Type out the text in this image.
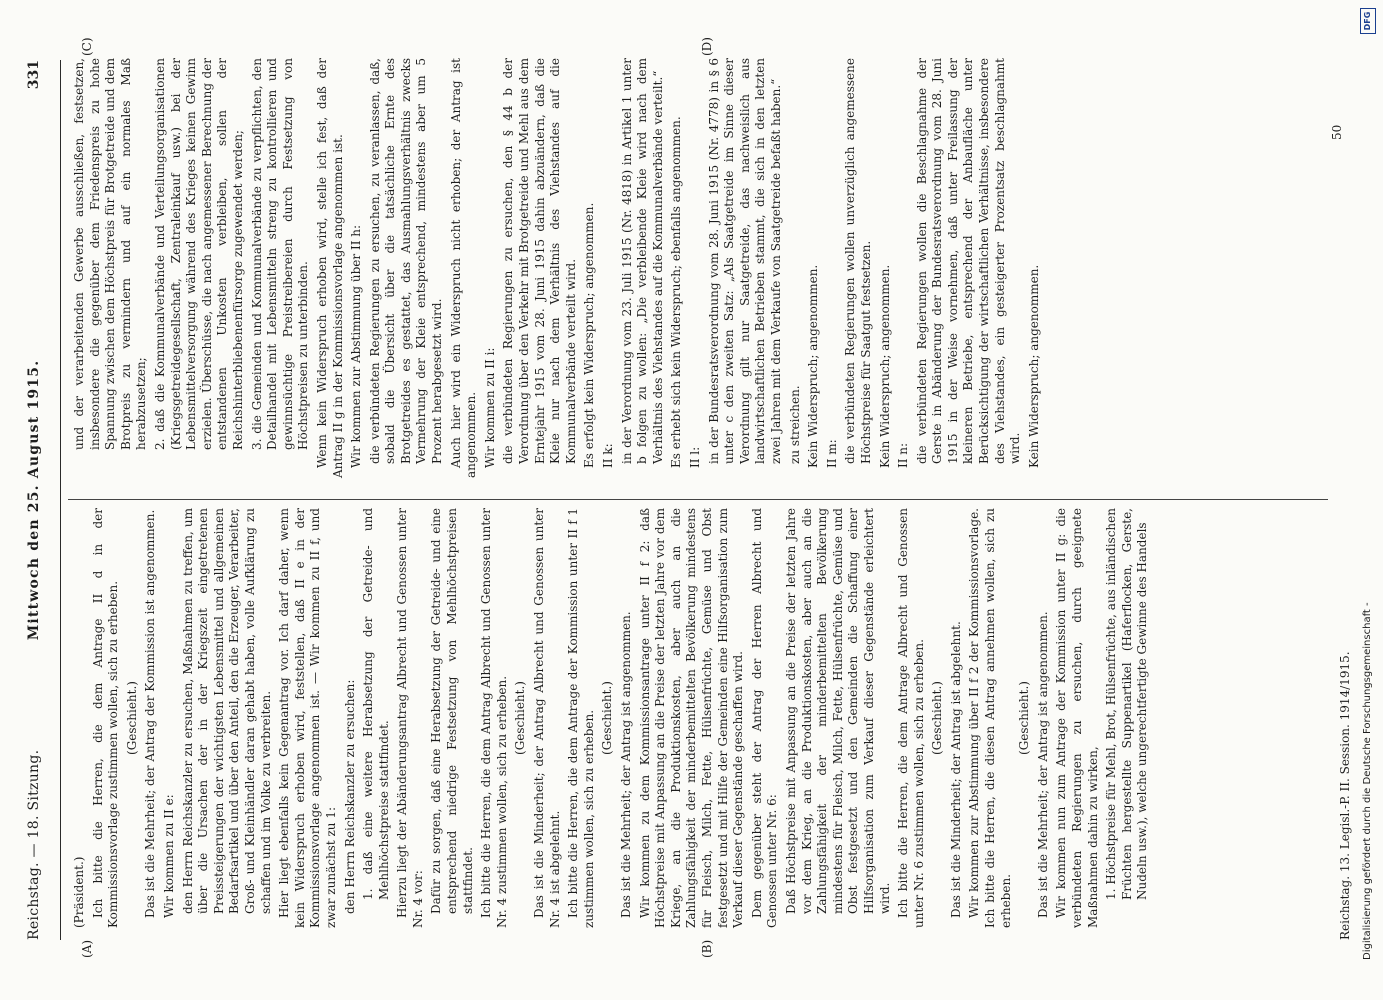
Reichstag. — 18. Sitzung.
Mittwoch den 25. August 1915.
331
(A)	(B)
(C)	(D)

(Präsident.) Ich bitte die Herren, die dem Antrage II d in der Kommissionsvorlage zustimmen wollen, sich zu erheben. (Geschieht.) Das ist die Mehrheit; der Antrag der Kommission ist angenommen. Wir kommen zu II e: den Herrn Reichskanzler zu ersuchen, Maßnahmen zu treffen, um über die Ursachen der in der Kriegszeit eingetretenen Preissteigerungen der wichtigsten Lebensmittel und allgemeinen Bedarfsartikel und über den Anteil, den die Erzeuger, Verarbeiter, Groß- und Kleinhändler daran gehabt haben, volle Aufklärung zu schaffen und im Volke zu verbreiten. Hier liegt ebenfalls kein Gegenantrag vor. Ich darf daher, wenn kein Widerspruch erhoben wird, feststellen, daß II e in der Kommissionsvorlage angenommen ist. — Wir kommen zu II f, und zwar zunächst zu 1: den Herrn Reichskanzler zu ersuchen: 1. daß eine weitere Herabsetzung der Getreide- und Mehlhöchstpreise stattfindet. Hierzu liegt der Abänderungsantrag Albrecht und Genossen unter Nr. 4 vor: Dafür zu sorgen, daß eine Herabsetzung der Getreide- und eine entsprechend niedrige Festsetzung von Mehlhöchstpreisen stattfindet. Ich bitte die Herren, die dem Antrag Albrecht und Genossen unter Nr. 4 zustimmen wollen, sich zu erheben. (Geschieht.) Das ist die Minderheit; der Antrag Albrecht und Genossen unter Nr. 4 ist abgelehnt. Ich bitte die Herren, die dem Antrage der Kommission unter II f 1 zustimmen wollen, sich zu erheben. (Geschieht.) Das ist die Mehrheit; der Antrag ist angenommen. Wir kommen zu dem Kommissionsantrage unter II f 2: daß Höchstpreise mit Anpassung an die Preise der letzten Jahre vor dem Kriege, an die Produktionskosten, aber auch an die Zahlungsfähigkeit der minderbemittelten Bevölkerung mindestens für Fleisch, Milch, Fette, Hülsenfrüchte, Gemüse und Obst festgesetzt und mit Hilfe der Gemeinden eine Hilfsorganisation zum Verkauf dieser Gegenstände geschaffen wird. Dem gegenüber steht der Antrag der Herren Albrecht und Genossen unter Nr. 6: Daß Höchstpreise mit Anpassung an die Preise der letzten Jahre vor dem Krieg, an die Produktionskosten, aber auch an die Zahlungsfähigkeit der minderbemittelten Bevölkerung mindestens für Fleisch, Milch, Fette, Hülsenfrüchte, Gemüse und Obst festgesetzt und den Gemeinden die Schaffung einer Hilfsorganisation zum Verkauf dieser Gegenstände erleichtert wird. Ich bitte die Herren, die dem Antrage Albrecht und Genossen unter Nr. 6 zustimmen wollen, sich zu erheben. (Geschieht.) Das ist die Minderheit; der Antrag ist abgelehnt. Wir kommen zur Abstimmung über II f 2 der Kommissionsvorlage. Ich bitte die Herren, die diesen Antrag annehmen wollen, sich zu erheben.

(Geschieht.) Das ist die Mehrheit; der Antrag ist angenommen. Wir kommen nun zum Antrage der Kommission unter II g: die verbündeten Regierungen zu ersuchen, durch geeignete Maßnahmen dahin zu wirken, 1. Höchstpreise für Mehl, Brot, Hülsenfrüchte, aus inländischen Früchten hergestellte Suppenartikel (Haferflocken, Gerste, Nudeln usw.), welche ungerechtfertigte Gewinne des Handels

und der verarbeitenden Gewerbe ausschließen, festsetzen, insbesondere die gegenüber dem Friedenspreis zu hohe Spannung zwischen dem Höchstpreis für Brotgetreide und dem Brotpreis zu vermindern und auf ein normales Maß herabzusetzen; 2. daß die Kommunalverbände und Verteilungsorganisationen (Kriegsgetreidegesellschaft, Zentraleinkauf usw.) bei der Lebensmittelversorgung während des Krieges keinen Gewinn erzielen. Überschüsse, die nach angemessener Berechnung der entstandenen Unkosten verbleiben, sollen der Reichshinterbliebenenfürsorge zugewendet werden; 3. die Gemeinden und Kommunalverbände zu verpflichten, den Detailhandel mit Lebensmitteln streng zu kontrollieren und gewinnsüchtige Preistreibereien durch Festsetzung von Höchstpreisen zu unterbinden. Wenn kein Widerspruch erhoben wird, stelle ich fest, daß der Antrag II g in der Kommissionsvorlage angenommen ist. Wir kommen zur Abstimmung über II h: die verbündeten Regierungen zu ersuchen, zu veranlassen, daß, sobald die Übersicht über die tatsächliche Ernte des Brotgetreides es gestattet, das Ausmahlungsverhältnis zwecks Vermehrung der Kleie entsprechend, mindestens aber um 5 Prozent herabgesetzt wird. Auch hier wird ein Widerspruch nicht erhoben; der Antrag ist angenommen. Wir kommen zu II i: die verbündeten Regierungen zu ersuchen, den § 44 b der Verordnung über den Verkehr mit Brotgetreide und Mehl aus dem Erntejahr 1915 vom 28. Juni 1915 dahin abzuändern, daß die Kleie nur nach dem Verhältnis des Viehstandes auf die Kommunalverbände verteilt wird. Es erfolgt kein Widerspruch; angenommen. II k: in der Verordnung vom 23. Juli 1915 (Nr. 4818) in Artikel 1 unter b folgen zu wollen: „Die verbleibende Kleie wird nach dem Verhältnis des Viehstandes auf die Kommunalverbände verteilt.“ Es erhebt sich kein Widerspruch; ebenfalls angenommen. II l: in der Bundesratsverordnung vom 28. Juni 1915 (Nr. 4778) in § 6 unter c den zweiten Satz: „Als Saatgetreide im Sinne dieser Verordnung gilt nur Saatgetreide, das nachweislich aus landwirtschaftlichen Betrieben stammt, die sich in den letzten zwei Jahren mit dem Verkaufe von Saatgetreide befaßt haben.“ zu streichen. Kein Widerspruch; angenommen. II m: die verbündeten Regierungen wollen unverzüglich angemessene Höchstpreise für Saatgut festsetzen. Kein Widerspruch; angenommen. II n: die verbündeten Regierungen wollen die Beschlagnahme der Gerste in Abänderung der Bundesratsverordnung vom 28. Juni 1915 in der Weise vornehmen, daß unter Freilassung der kleineren Betriebe, entsprechend der Anbaufläche unter Berücksichtigung der wirtschaftlichen Verhältnisse, insbesondere des Viehstandes, ein gesteigerter Prozentsatz beschlagnahmt wird. Kein Widerspruch; angenommen.

Reichstag. 13. Legisl.-P. II. Session. 1914/1915.
50
Digitalisierung gefördert durch die Deutsche Forschungsgemeinschaft -
DFG
